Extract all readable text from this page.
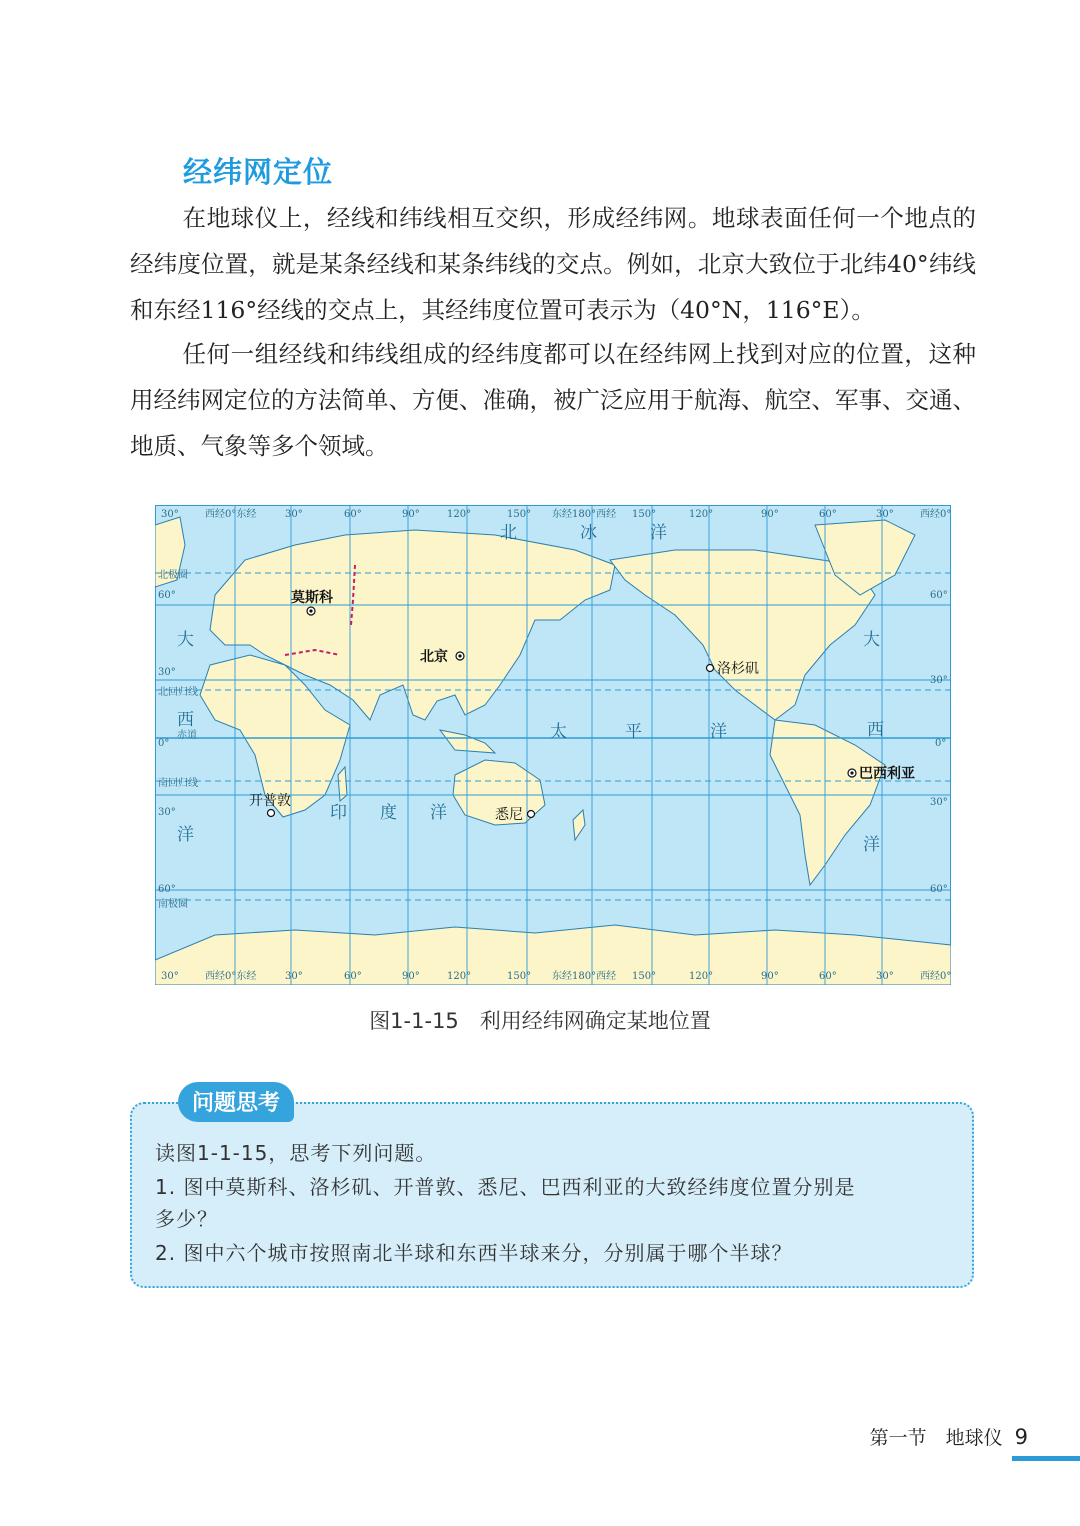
经纬网定位
在地球仪上，经线和纬线相互交织，形成经纬网。地球表面任何一个地点的经纬度位置，就是某条经线和某条纬线的交点。例如，北京大致位于北纬40°纬线和东经116°经线的交点上，其经纬度位置可表示为（40°N，116°E）。
任何一组经线和纬线组成的经纬度都可以在经纬网上找到对应的位置，这种用经纬网定位的方法简单、方便、准确，被广泛应用于航海、航空、军事、交通、地质、气象等多个领域。
30°	西经0°东经	30°	60°	90°	120°	150° 东经180°西经 150°	120°	90°	60°	30°	西经0°
30°	西经0°东经	30°	60°	90°	120°	150° 东经180°西经 150°	120°	90°	60°	30°	西经0°
北极圈
60°
30°
北回归线
0°
赤道
南回归线
30°
60°
南极圈
60°
30°
0°
30°
60°
北	冰	洋
太	平	洋
印 度 洋
大
西
洋
大
西
洋
莫斯科
北京
洛杉矶
开普敦
悉尼
巴西利亚
图1-1-15　利用经纬网确定某地位置
问题思考
读图1-1-15，思考下列问题。
1. 图中莫斯科、洛杉矶、开普敦、悉尼、巴西利亚的大致经纬度位置分别是
多少？
2. 图中六个城市按照南北半球和东西半球来分，分别属于哪个半球？
第一节　地球仪 9
